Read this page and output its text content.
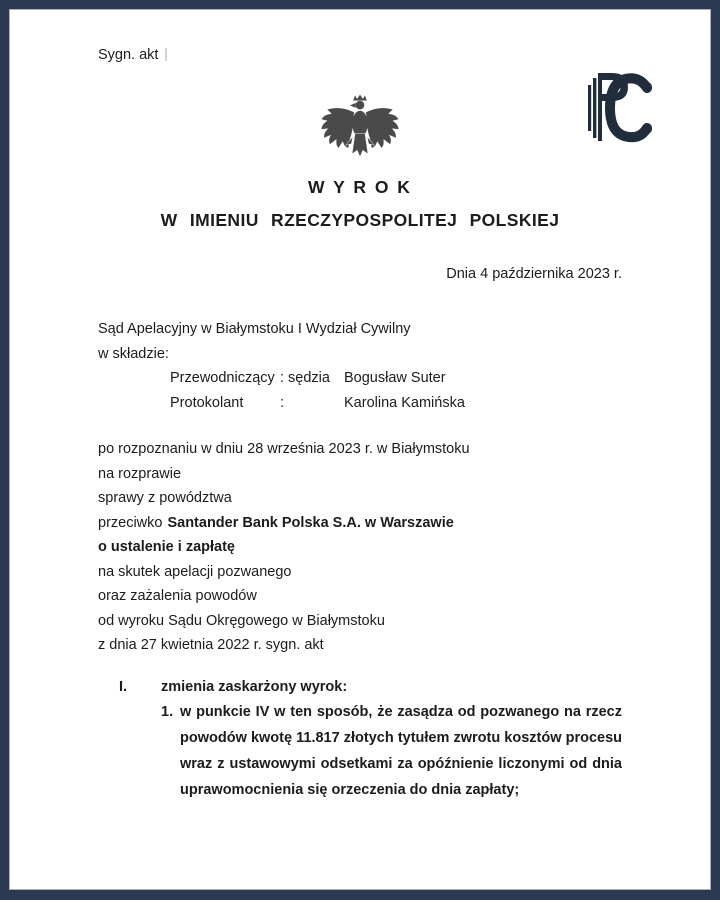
Sygn. akt
W Y R O K
W IMIENIU RZECZYPOSPOLITEJ POLSKIEJ
Dnia 4 października 2023 r.
Sąd Apelacyjny w Białymstoku I Wydział Cywilny
w składzie:
Przewodniczący : sędzia Bogusław Suter
Protokolant	:	Karolina Kamińska
po rozpoznaniu w dniu 28 września 2023 r. w Białymstoku
na rozprawie
sprawy z powództwa
przeciwko Santander Bank Polska S.A. w Warszawie
o ustalenie i zapłatę
na skutek apelacji pozwanego
oraz zażalenia powodów
od wyroku Sądu Okręgowego w Białymstoku
z dnia 27 kwietnia 2022 r. sygn. akt
I.	zmienia zaskarżony wyrok:
1. w punkcie IV w ten sposób, że zasądza od pozwanego na rzecz powodów kwotę 11.817 złotych tytułem zwrotu kosztów procesu wraz z ustawowymi odsetkami za opóźnienie liczonymi od dnia uprawomocnienia się orzeczenia do dnia zapłaty;
